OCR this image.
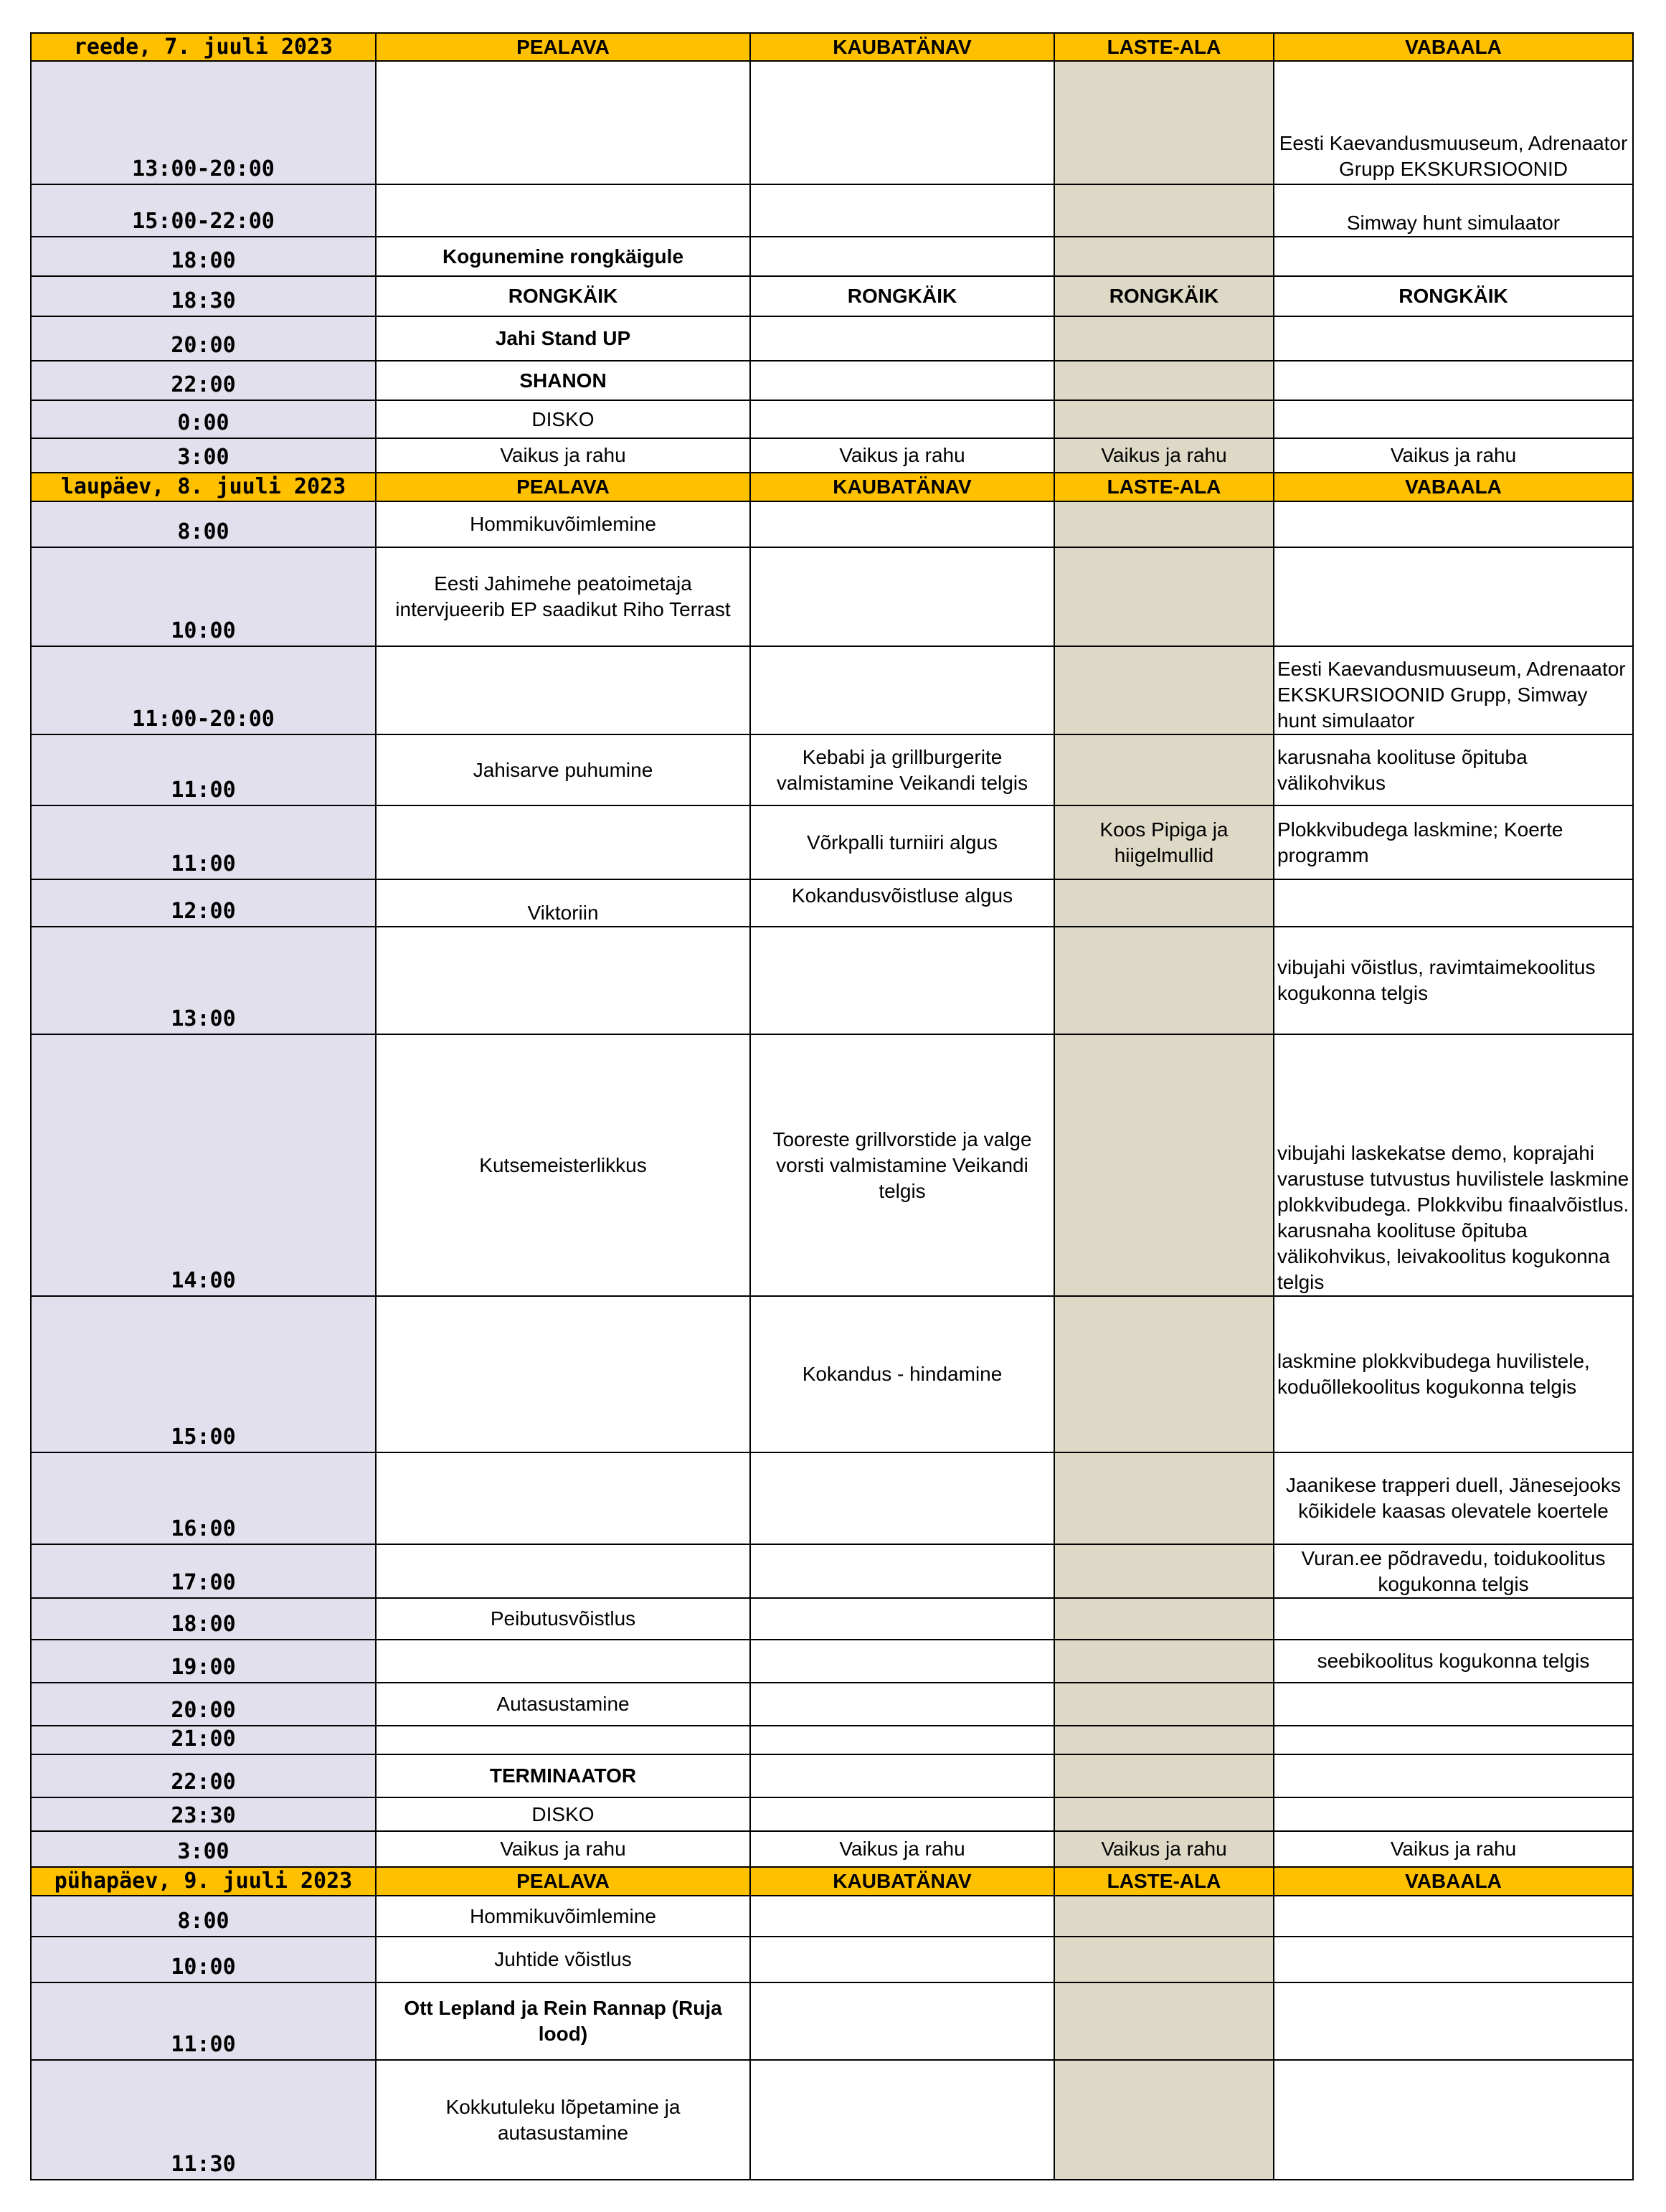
reede, 7. juuli 2023	PEALAVA	KAUBATÄNAV	LASTE-ALA	VABAALA
13:00-20:00				Eesti Kaevandusmuuseum, Adrenaator Grupp EKSKURSIOONID
15:00-22:00				Simway hunt simulaator
18:00	Kogunemine rongkäigule			
18:30	RONGKÄIK	RONGKÄIK	RONGKÄIK	RONGKÄIK
20:00	Jahi Stand UP			
22:00	SHANON			
0:00	DISKO			
3:00	Vaikus ja rahu	Vaikus ja rahu	Vaikus ja rahu	Vaikus ja rahu
laupäev, 8. juuli 2023	PEALAVA	KAUBATÄNAV	LASTE-ALA	VABAALA
8:00	Hommikuvõimlemine			
10:00	Eesti Jahimehe peatoimetaja intervjueerib EP saadikut Riho Terrast			
11:00-20:00				Eesti Kaevandusmuuseum, Adrenaator EKSKURSIOONID Grupp, Simway hunt simulaator
11:00	Jahisarve puhumine	Kebabi ja grillburgerite valmistamine Veikandi telgis		karusnaha koolituse õpituba välikohvikus
11:00		Võrkpalli turniiri algus	Koos Pipiga ja hiigelmullid	Plokkvibudega laskmine; Koerte programm
12:00	Viktoriin	Kokandusvõistluse algus		
13:00				vibujahi võistlus, ravimtaimekoolitus kogukonna telgis
14:00	Kutsemeisterlikkus	Tooreste grillvorstide ja valge vorsti valmistamine Veikandi telgis		vibujahi laskekatse demo, koprajahi varustuse tutvustus huvilistele laskmine plokkvibudega. Plokkvibu finaalvõistlus. karusnaha koolituse õpituba välikohvikus, leivakoolitus kogukonna telgis
15:00		Kokandus - hindamine		laskmine plokkvibudega huvilistele, koduõllekoolitus kogukonna telgis
16:00				Jaanikese trapperi duell, Jänesejooks kõikidele kaasas olevatele koertele
17:00				Vuran.ee põdravedu, toidukoolitus kogukonna telgis
18:00	Peibutusvõistlus			
19:00				seebikoolitus kogukonna telgis
20:00	Autasustamine			
21:00				
22:00	TERMINAATOR			
23:30	DISKO			
3:00	Vaikus ja rahu	Vaikus ja rahu	Vaikus ja rahu	Vaikus ja rahu
pühapäev, 9. juuli 2023	PEALAVA	KAUBATÄNAV	LASTE-ALA	VABAALA
8:00	Hommikuvõimlemine			
10:00	Juhtide võistlus			
11:00	Ott Lepland ja Rein Rannap (Ruja lood)			
11:30	Kokkutuleku lõpetamine ja autasustamine			
